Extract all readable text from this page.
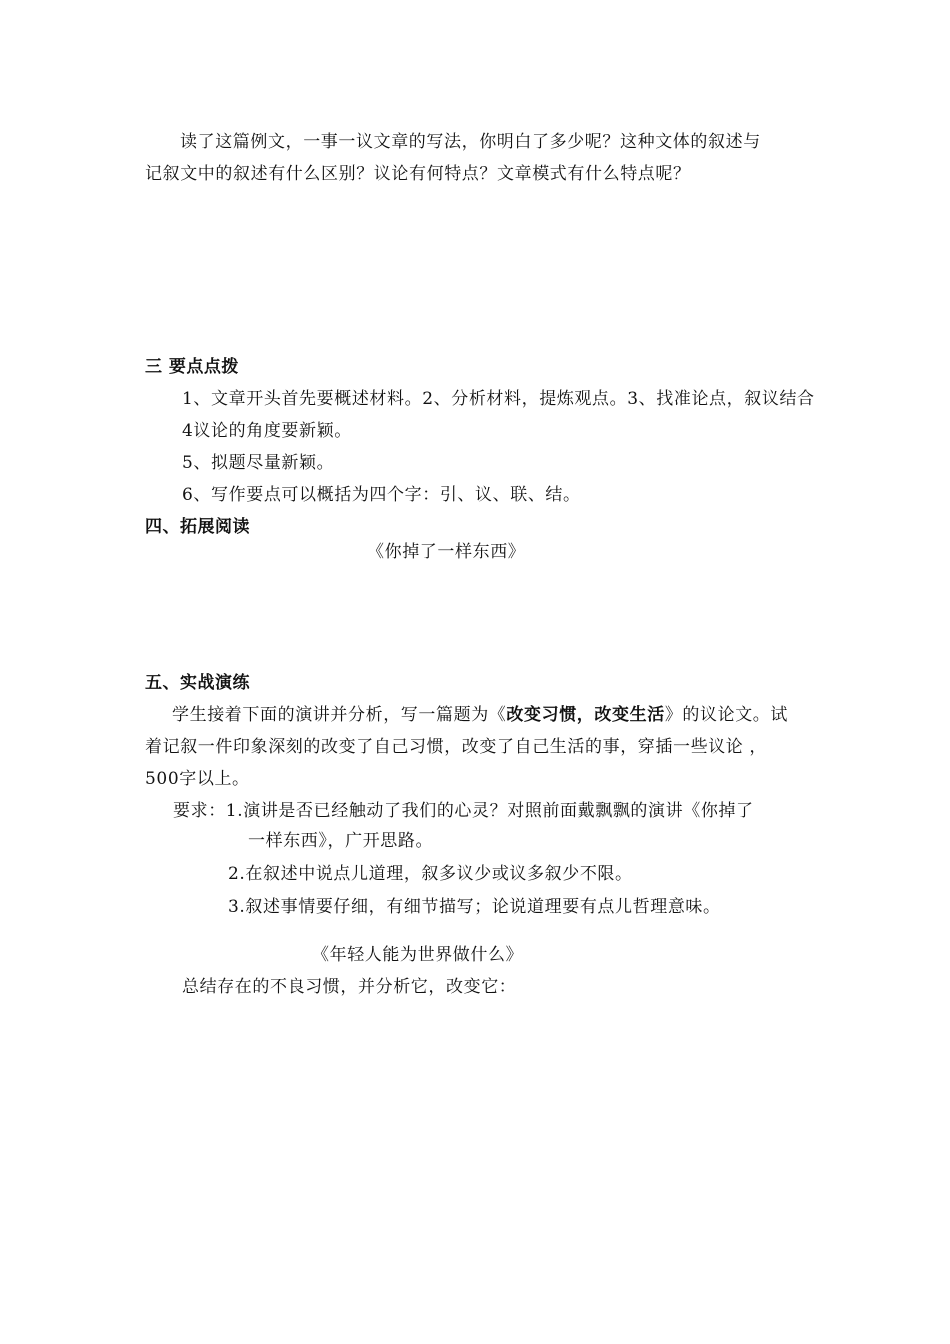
读了这篇例文，一事一议文章的写法，你明白了多少呢？这种文体的叙述与
记叙文中的叙述有什么区别？议论有何特点？文章模式有什么特点呢？
三 要点点拨
1、文章开头首先要概述材料。2、分析材料，提炼观点。3、找准论点，叙议结合
4议论的角度要新颖。
5、拟题尽量新颖。
6、写作要点可以概括为四个字：引、议、联、结。
四、拓展阅读
《你掉了一样东西》
五、实战演练
学生接着下面的演讲并分析，写一篇题为《改变习惯，改变生活》的议论文。试
着记叙一件印象深刻的改变了自己习惯，改变了自己生活的事，穿插一些议论 ，
500字以上。
要求：1.演讲是否已经触动了我们的心灵？对照前面戴飘飘的演讲《你掉了
一样东西》，广开思路。
2.在叙述中说点儿道理，叙多议少或议多叙少不限。
3.叙述事情要仔细，有细节描写；论说道理要有点儿哲理意味。
《年轻人能为世界做什么》
总结存在的不良习惯，并分析它，改变它：
